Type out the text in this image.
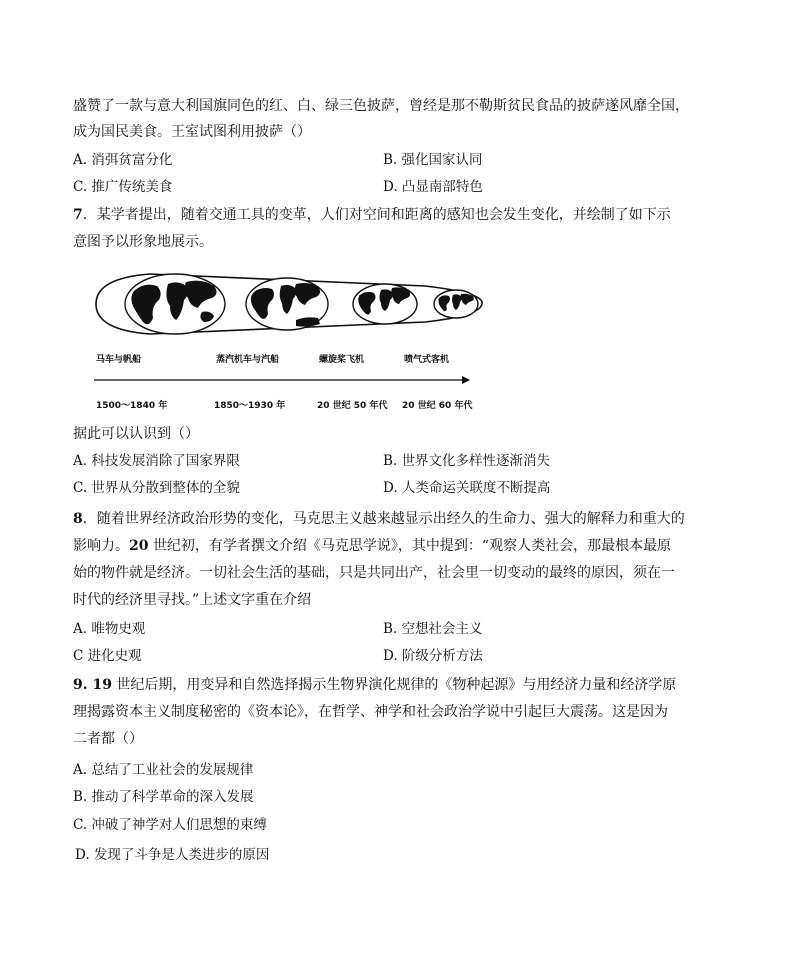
盛赞了一款与意大利国旗同色的红、白、绿三色披萨，曾经是那不勒斯贫民食品的披萨遂风靡全国，
成为国民美食。王室试图利用披萨（）
A. 消弭贫富分化	B. 强化国家认同
C. 推广传统美食	D. 凸显南部特色
7．某学者提出，随着交通工具的变革，人们对空间和距离的感知也会发生变化，并绘制了如下示
意图予以形象地展示。
马车与帆船	蒸汽机车与汽船	螺旋桨飞机	喷气式客机
1500～1840 年	1850～1930 年	20 世纪 50 年代 20 世纪 60 年代
据此可以认识到（）
A. 科技发展消除了国家界限	B. 世界文化多样性逐渐消失
C. 世界从分散到整体的全貌	D. 人类命运关联度不断提高
8．随着世界经济政治形势的变化，马克思主义越来越显示出经久的生命力、强大的解释力和重大的
影响力。20 世纪初，有学者撰文介绍《马克思学说》，其中提到：“观察人类社会，那最根本最原
始的物件就是经济。一切社会生活的基础，只是共同出产，社会里一切变动的最终的原因，须在一
时代的经济里寻找。”上述文字重在介绍
A. 唯物史观	B. 空想社会主义
C 进化史观	D. 阶级分析方法
9. 19 世纪后期，用变异和自然选择揭示生物界演化规律的《物种起源》与用经济力量和经济学原
理揭露资本主义制度秘密的《资本论》，在哲学、神学和社会政治学说中引起巨大震荡。这是因为
二者都（）
A. 总结了工业社会的发展规律
B. 推动了科学革命的深入发展
C. 冲破了神学对人们思想的束缚
D. 发现了斗争是人类进步的原因
